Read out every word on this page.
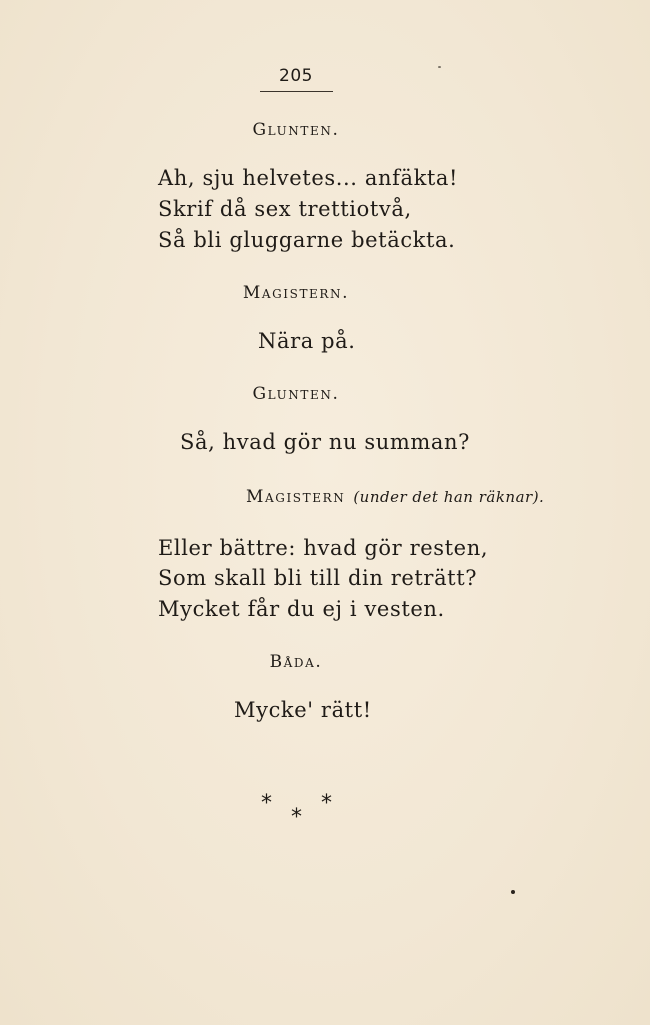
205
Glunten.
Ah, sju helvetes... anfäkta!
Skrif då sex trettiotvå,
Så bli gluggarne betäckta.
Magistern.
Nära på.
Glunten.
Så, hvad gör nu summan?
Magistern (under det han räknar).
Eller bättre: hvad gör resten,
Som skall bli till din reträtt?
Mycket får du ej i vesten.
Båda.
Mycke' rätt!
* *
*
